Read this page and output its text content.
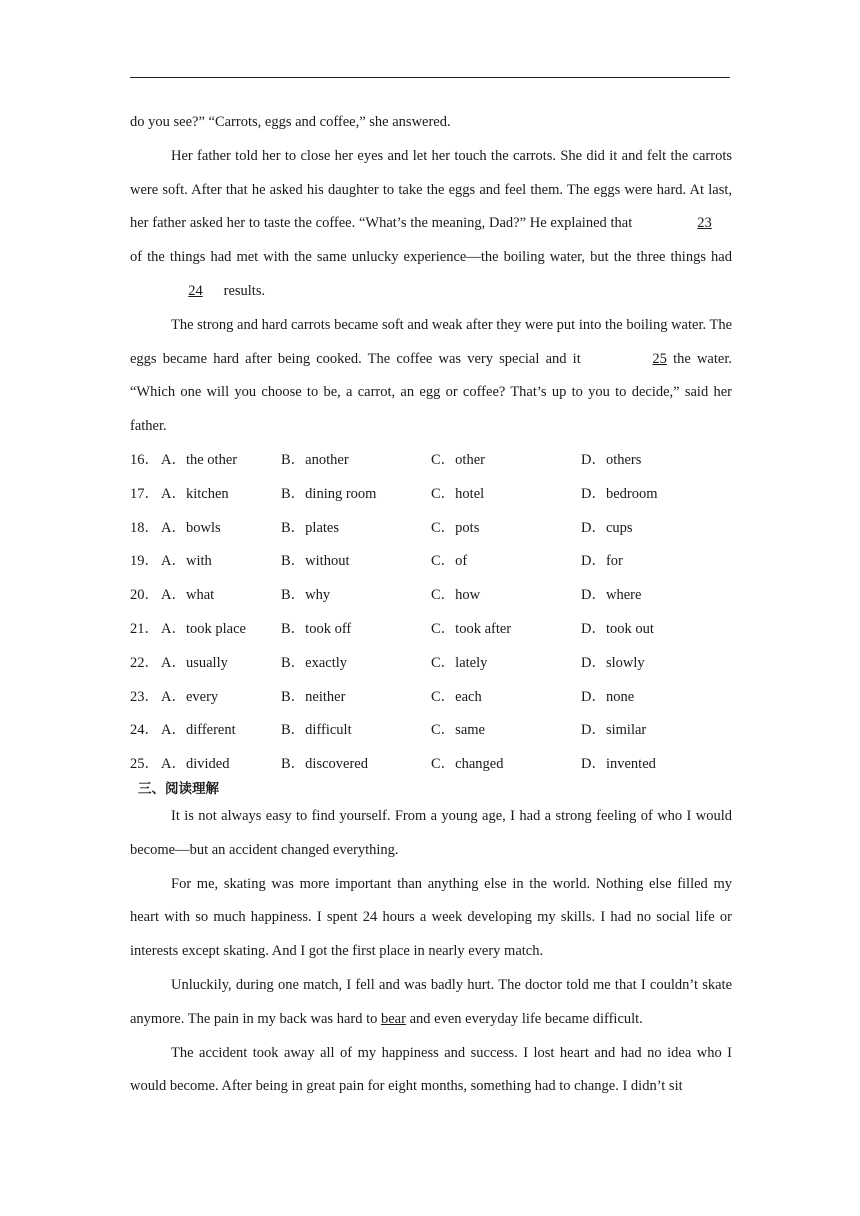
do you see?” “Carrots, eggs and coffee,” she answered.

Her father told her to close her eyes and let her touch the carrots. She did it and felt the carrots were soft. After that he asked his daughter to take the eggs and feel them. The eggs were hard. At last, her father asked her to taste the coffee. “What’s the meaning, Dad?” He explained that	23 of the things had met with the same unlucky experience—the boiling water, but the three things had 24 results.

The strong and hard carrots became soft and weak after they were put into the boiling water. The eggs became hard after being cooked. The coffee was very special and it	25 the water. “Which one will you choose to be, a carrot, an egg or coffee? That’s up to you to decide,” said her father.

16． A．the other	B．another	C．other	D．others
17． A．kitchen	B．dining room	C．hotel	D．bedroom
18． A．bowls	B．plates	C．pots	D．cups
19． A．with	B．without	C．of	D．for
20． A．what	B．why	C．how	D．where
21． A．took place	B．took off	C．took after	D．took out
22． A．usually	B．exactly	C．lately	D．slowly
23． A．every	B．neither	C．each	D．none
24． A．different	B．difficult	C．same	D．similar
25． A．divided	B．discovered	C．changed	D．invented
三、阅读理解

It is not always easy to find yourself. From a young age, I had a strong feeling of who I would become—but an accident changed everything.

For me, skating was more important than anything else in the world. Nothing else filled my heart with so much happiness. I spent 24 hours a week developing my skills. I had no social life or interests except skating. And I got the first place in nearly every match.

Unluckily, during one match, I fell and was badly hurt. The doctor told me that I couldn’t skate anymore. The pain in my back was hard to bear and even everyday life became difficult.

The accident took away all of my happiness and success. I lost heart and had no idea who I would become. After being in great pain for eight months, something had to change. I didn’t sit
